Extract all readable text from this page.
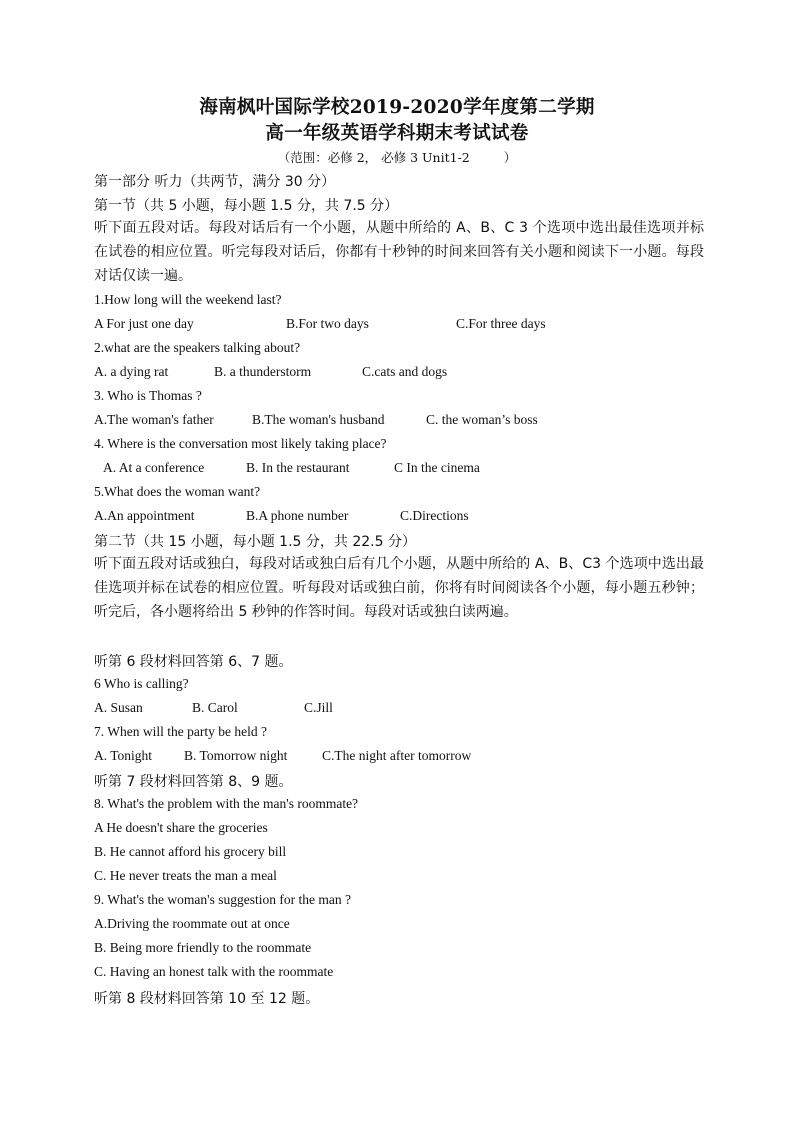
海南枫叶国际学校2019-2020学年度第二学期
高一年级英语学科期末考试试卷
（范围：必修 2， 必修 3 Unit1-2	）
第一部分 听力（共两节，满分 30 分）
第一节（共 5 小题，每小题 1.5 分，共 7.5 分）
听下面五段对话。每段对话后有一个小题，从题中所给的 A、B、C 3 个选项中选出最佳选项并标在试卷的相应位置。听完每段对话后，你都有十秒钟的时间来回答有关小题和阅读下一小题。每段对话仅读一遍。
1.How long will the weekend last?
A For just one day	B.For two days	C.For three days
2.what are the speakers talking about?
A. a dying rat	B. a thunderstorm	C.cats and dogs
3. Who is Thomas ?
A.The woman's father	B.The woman's husband	C. the woman’s boss
4. Where is the conversation most likely taking place?
A. At a conference	B. In the restaurant	C In the cinema
5.What does the woman want?
A.An appointment	B.A phone number	C.Directions
第二节（共 15 小题，每小题 1.5 分，共 22.5 分）
听下面五段对话或独白，每段对话或独白后有几个小题，从题中所给的 A、B、C3 个选项中选出最佳选项并标在试卷的相应位置。听每段对话或独白前，你将有时间阅读各个小题，每小题五秒钟；听完后，各小题将给出 5 秒钟的作答时间。每段对话或独白读两遍。
听第 6 段材料回答第 6、7 题。
6 Who is calling?
A. Susan	B. Carol	C.Jill
7. When will the party be held ?
A. Tonight B. Tomorrow night	C.The night after tomorrow
听第 7 段材料回答第 8、9 题。
8. What's the problem with the man's roommate?
A He doesn't share the groceries
B. He cannot afford his grocery bill
C. He never treats the man a meal
9. What's the woman's suggestion for the man ?
A.Driving the roommate out at once
B. Being more friendly to the roommate
C. Having an honest talk with the roommate
听第 8 段材料回答第 10 至 12 题。
